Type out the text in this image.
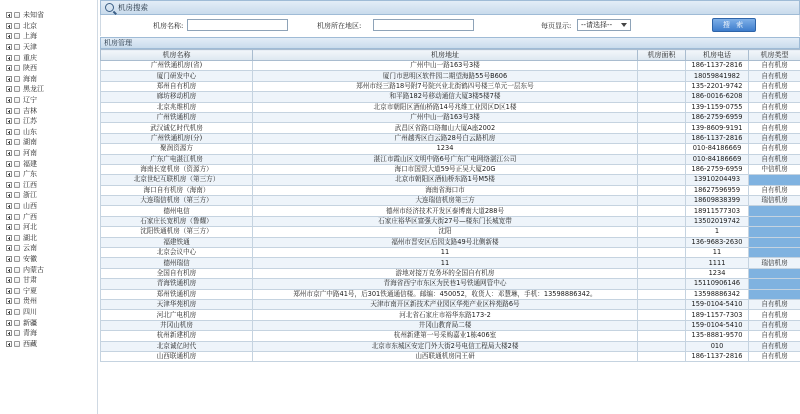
未知省
北京
上海
天津
重庆
陕西
海南
黑龙江
辽宁
吉林
江苏
山东
湖南
河南
福建
广东
江西
浙江
山西
广西
河北
湖北
云南
安徽
内蒙古
甘肃
宁夏
贵州
四川
新疆
青海
西藏
机房搜索
机房名称:	机房所在地区:	每页显示: --请选择--	搜 索
机房管理
机房名称	机房地址	机房面积	机房电话	机房类型
广州铁通机房(省)	广州中山一路163号3楼		186-1137-2816	自有机房
厦门研发中心	厦门市思明区软件园二期望海路55号B606		18059841982	自有机房
郑州自有机房	郑州市经三路18号附7号院兴业北街鹤四号楼三单元一层东号		135-2201-9742	自有机房
廊坊移动机房	和平路182号移动通信大厦3楼5楼7楼		186-0016-6208	自有机房
北京兆维机房	北京市朝阳区酒仙桥路14号兆维工业园区D区1楼		139-1159-0755	自有机房
广州铁通机房	广州中山一路163号3楼		186-2759-6959	自有机房
武汉诚亿时代机房	武昌区省路口珞珈山大厦A座2002		139-8609-9191	自有机房
广州铁通机房(分)	广州越秀区白云路28号白云路机房		186-1137-2816	自有机房
聚润资源方	1234		010-84186669	自有机房
广东广电湛江机房	湛江市霞山区文明中路6号广东广电网络湛江公司		010-84186669	自有机房
海南长宽机房（资源方）	海口市国贸大道59号正吴大厦20G		186-2759-6959	中信机房
北京世纪互联机房（第三方）	北京市朝阳区酒仙桥东路1号M5楼		13910204493	
海口自有机房（海南）	海南省海口市		18627596959	自有机房
大连瑞信机房（第三方）	大连瑞信机房第三方		18609838399	瑞信机房
德州电信	德州市经济技术开发区泰博南大道288号		18911577303	
石家庄长宽机房（鲁耀）	石家庄裕华区富强大街27号—楼东门长城宽带		13502019742	
沈阳铁通机房（第三方）	沈阳		1	
福建铁通	福州市晋安区后园支路49号北侧新楼		136-9683-2630	
北京会议中心	11		11	
德州瑞信	11		1111	瑞信机房
全国自有机房	游地对接万克务坏的全国自有机房		1234	
青海铁通机房	青海省西宁市东区为民巷1号铁通网管中心		15110906146	
郑州铁通机房	郑州市京广中路41号，后301铁通通信楼。邮编：450052，收货人：邓慧琳，手机：13598886342。		13598886342	
天津华苑机房	天津市南开区新技术产业园区华苑产业区梓苑路6号		159-0104-5410	自有机房
河北广电机房	河北省石家庄市裕华东路173-2		189-1157-7303	自有机房
井冈山机房	井冈山教育局二楼		159-0104-5410	自有机房
杭州新建机房	杭州新建第一号采购嘉业1栋406室		135-8881-9570	自有机房
北京诚亿时代	北京市东城区安定门外大街2号电信工程局大楼2楼		010	自有机房
山西联通机房	山西联通机房同王研		186-1137-2816	自有机房
